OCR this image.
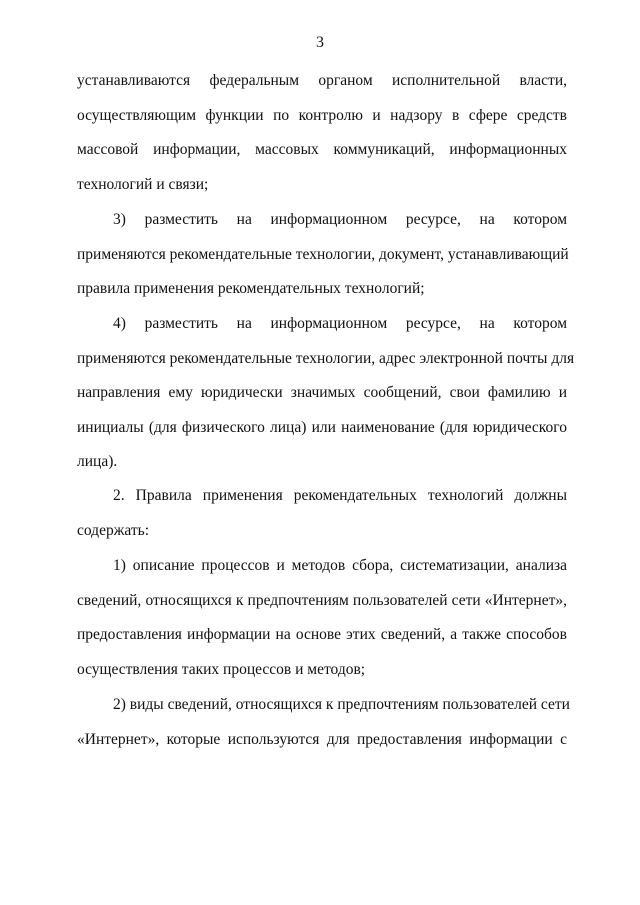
3

устанавливаются федеральным органом исполнительной власти,
осуществляющим функции по контролю и надзору в сфере средств
массовой информации, массовых коммуникаций, информационных
технологий и связи;

3) разместить на информационном ресурсе, на котором
применяются рекомендательные технологии, документ, устанавливающий
правила применения рекомендательных технологий;

4) разместить на информационном ресурсе, на котором
применяются рекомендательные технологии, адрес электронной почты для
направления ему юридически значимых сообщений, свои фамилию и
инициалы (для физического лица) или наименование (для юридического
лица).

2. Правила применения рекомендательных технологий должны
содержать:

1) описание процессов и методов сбора, систематизации, анализа
сведений, относящихся к предпочтениям пользователей сети «Интернет»,
предоставления информации на основе этих сведений, а также способов
осуществления таких процессов и методов;

2) виды сведений, относящихся к предпочтениям пользователей сети
«Интернет», которые используются для предоставления информации с
